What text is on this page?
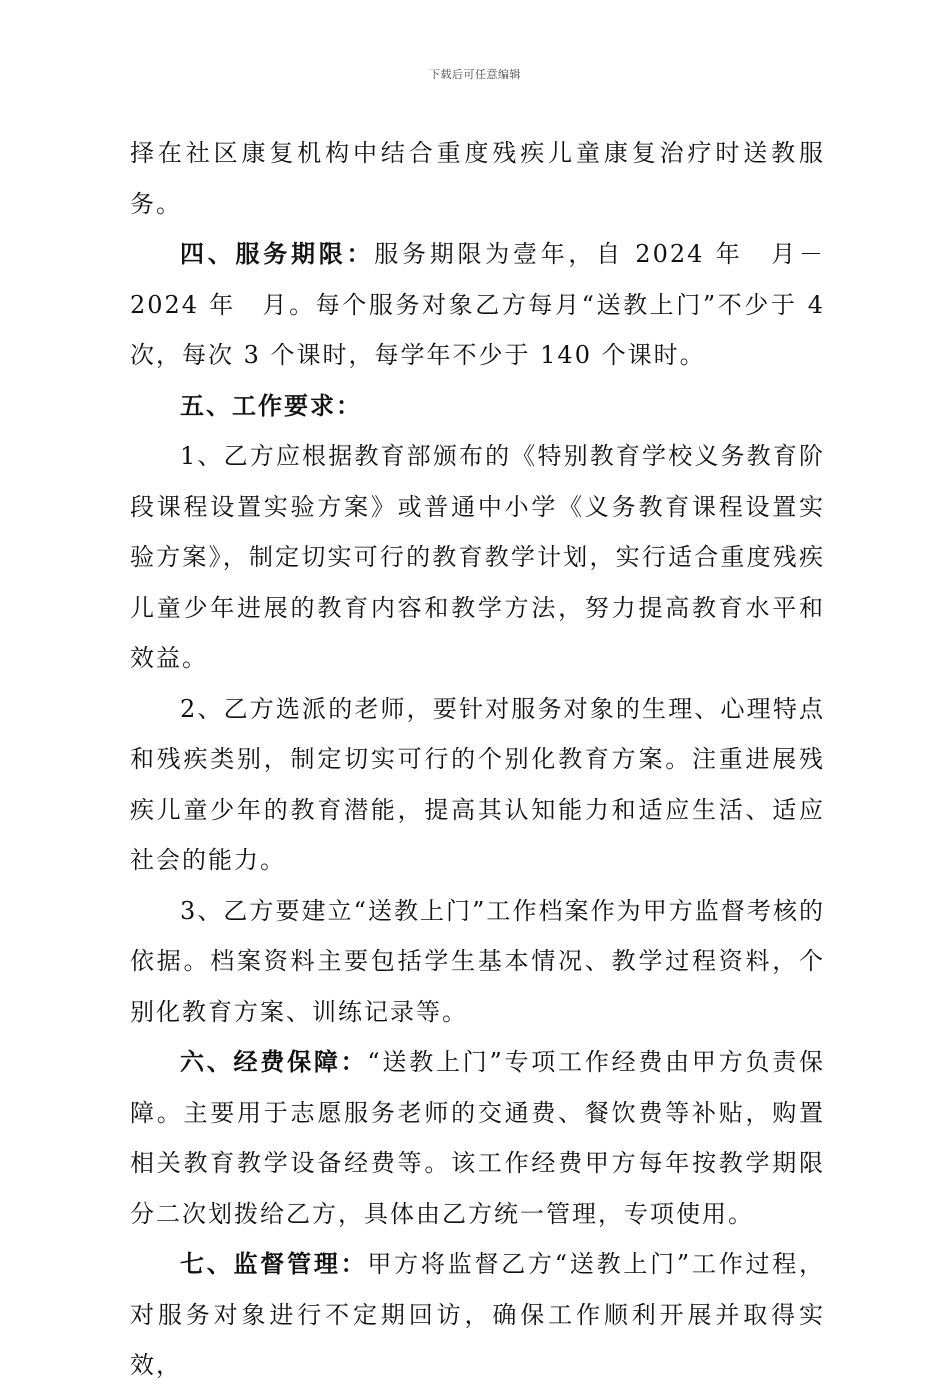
下载后可任意编辑

择在社区康复机构中结合重度残疾儿童康复治疗时送教服务。

四、服务期限：服务期限为壹年，自 2024 年　月－2024 年　月。每个服务对象乙方每月“送教上门”不少于 4 次，每次 3 个课时，每学年不少于 140 个课时。

五、工作要求：

1、乙方应根据教育部颁布的《特别教育学校义务教育阶段课程设置实验方案》或普通中小学《义务教育课程设置实验方案》，制定切实可行的教育教学计划，实行适合重度残疾儿童少年进展的教育内容和教学方法，努力提高教育水平和效益。

2、乙方选派的老师，要针对服务对象的生理、心理特点和残疾类别，制定切实可行的个别化教育方案。注重进展残疾儿童少年的教育潜能，提高其认知能力和适应生活、适应社会的能力。

3、乙方要建立“送教上门”工作档案作为甲方监督考核的依据。档案资料主要包括学生基本情况、教学过程资料，个别化教育方案、训练记录等。

六、经费保障：“送教上门”专项工作经费由甲方负责保障。主要用于志愿服务老师的交通费、餐饮费等补贴，购置相关教育教学设备经费等。该工作经费甲方每年按教学期限分二次划拨给乙方，具体由乙方统一管理，专项使用。

七、监督管理：甲方将监督乙方“送教上门”工作过程，对服务对象进行不定期回访，确保工作顺利开展并取得实效，
